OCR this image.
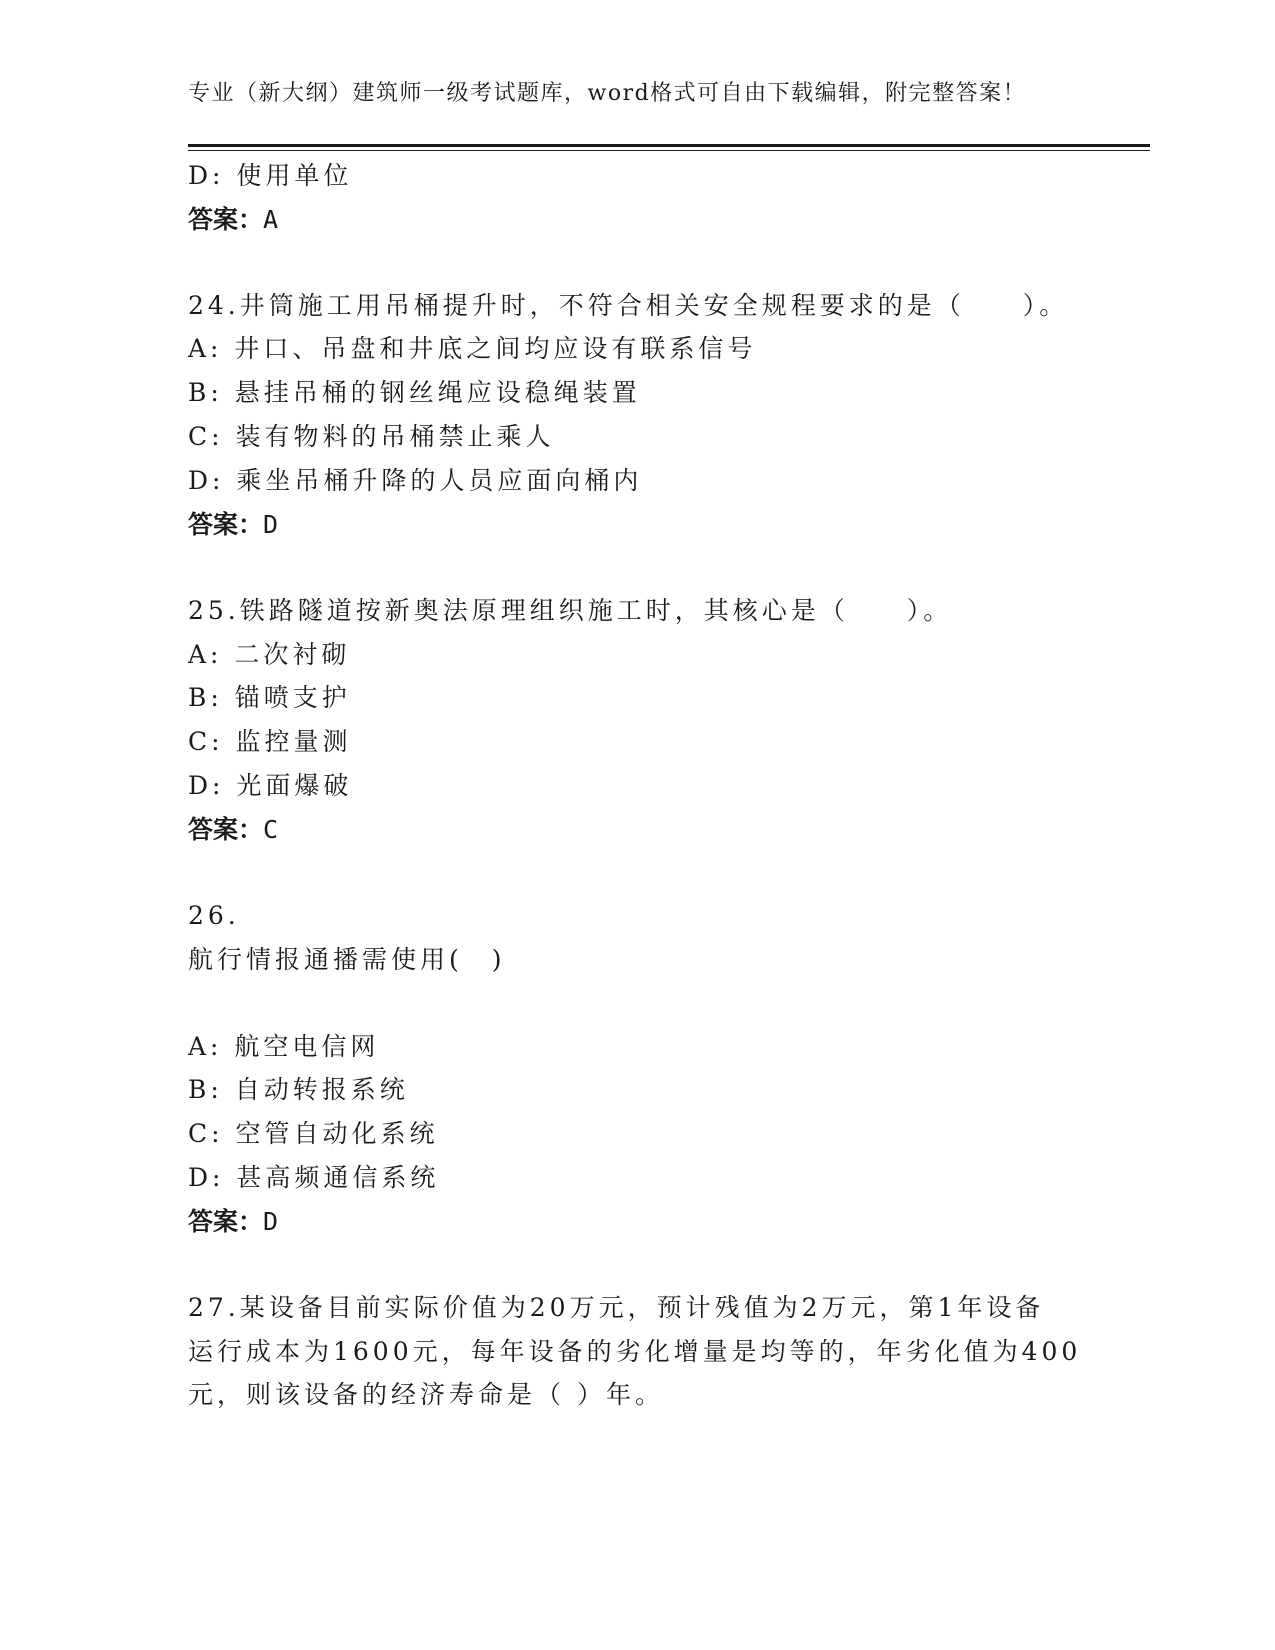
专业（新大纲）建筑师一级考试题库，word格式可自由下载编辑，附完整答案！
D: 使用单位
答案：A
24.井筒施工用吊桶提升时，不符合相关安全规程要求的是（　　）。
A: 井口、吊盘和井底之间均应设有联系信号
B: 悬挂吊桶的钢丝绳应设稳绳装置
C: 装有物料的吊桶禁止乘人
D: 乘坐吊桶升降的人员应面向桶内
答案：D
25.铁路隧道按新奥法原理组织施工时，其核心是（　　）。
A: 二次衬砌
B: 锚喷支护
C: 监控量测
D: 光面爆破
答案：C
26.
航行情报通播需使用(　)
A: 航空电信网
B: 自动转报系统
C: 空管自动化系统
D: 甚高频通信系统
答案：D
27.某设备目前实际价值为20万元，预计残值为2万元，第1年设备
运行成本为1600元，每年设备的劣化增量是均等的，年劣化值为400
元，则该设备的经济寿命是（ ）年。
